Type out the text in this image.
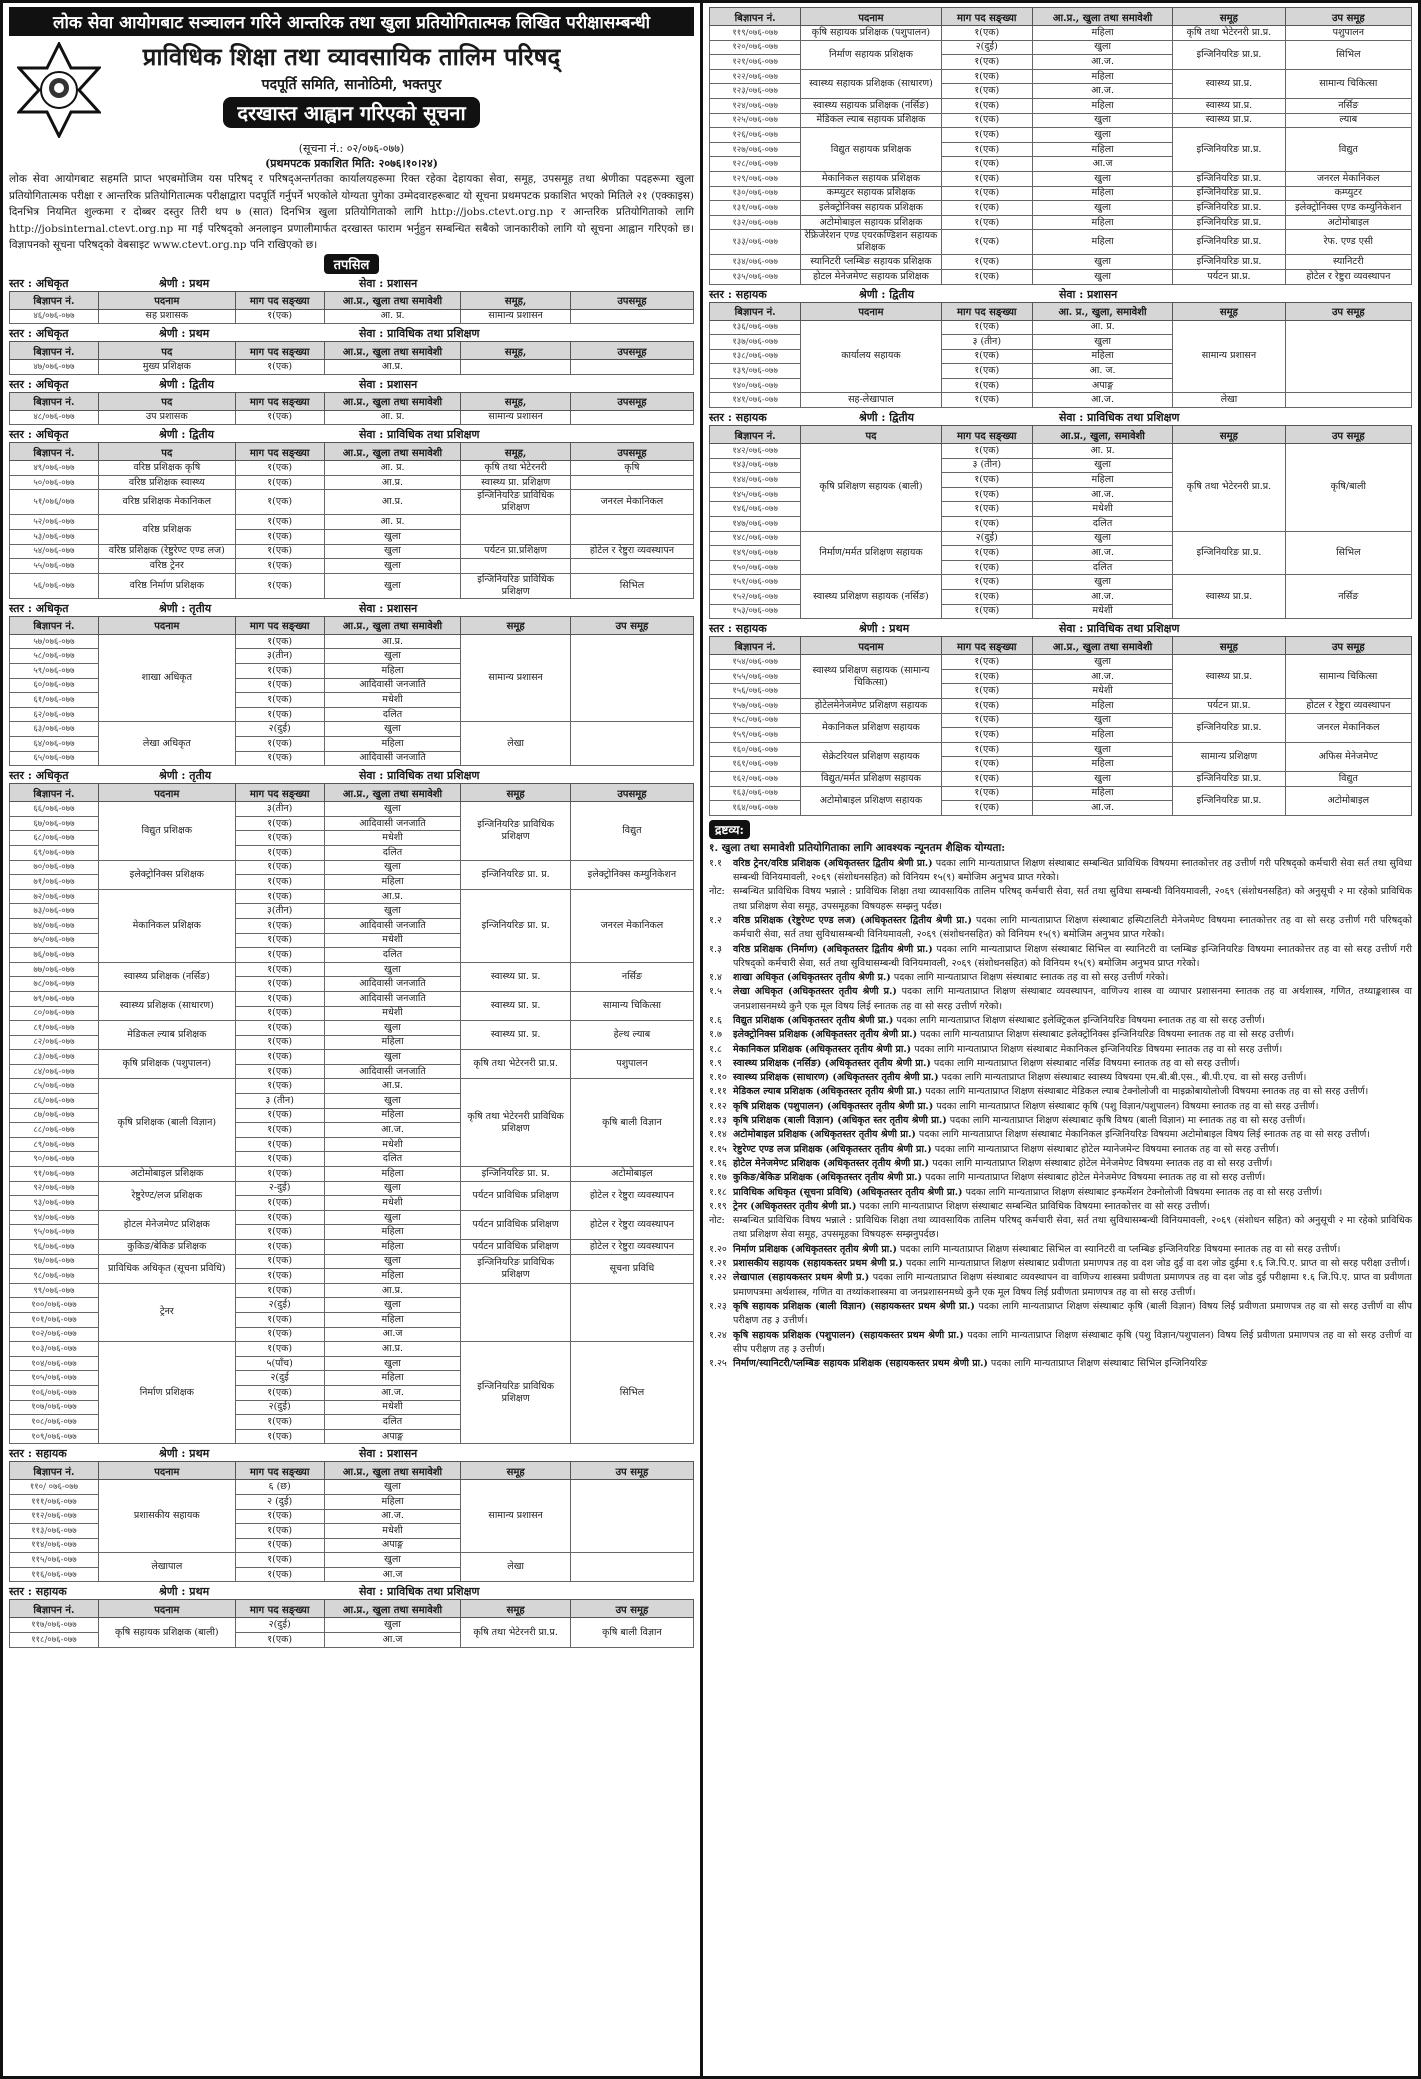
लोक सेवा आयोगबाट सञ्चालन गरिने आन्तरिक तथा खुला प्रतियोगितात्मक लिखित परीक्षासम्बन्धी
प्राविधिक शिक्षा तथा व्यावसायिक तालिम परिषद्
पदपूर्ति समिति, सानोठिमी, भक्तपुर
दरखास्त आह्वान गरिएको सूचना
(सूचना नं.: ०२/०७६-०७७)
(प्रथमपटक प्रकाशित मिति: २०७६।१०।२४)
लोक सेवा आयोगबाट सहमति प्राप्त भएबमोजिम यस परिषद् र परिषद्अन्तर्गतका कार्यालयहरूमा रिक्त रहेका देहायका सेवा, समूह, उपसमूह तथा श्रेणीका पदहरूमा खुला प्रतियोगितात्मक परीक्षा र आन्तरिक प्रतियोगितात्मक परीक्षाद्वारा पदपूर्ति गर्नुपर्ने भएकोले योग्यता पुगेका उम्मेदवारहरूबाट यो सूचना प्रथमपटक प्रकाशित भएको मितिले २१ (एक्काइस) दिनभित्र नियमित शुल्कमा र दोब्बर दस्तुर तिरी थप ७ (सात) दिनभित्र खुला प्रतियोगिताको लागि http://jobs.ctevt.org.np र आन्तरिक प्रतियोगिताको लागि http://jobsinternal.ctevt.org.np मा गई परिषद्को अनलाइन प्रणालीमार्फत दरखास्त फाराम भर्नुहुन सम्बन्धित सबैको जानकारीको लागि यो सूचना आह्वान गरिएको छ। विज्ञापनको सूचना परिषद्को वेबसाइट www.ctevt.org.np पनि राखिएको छ।
तपसिल
स्तर : अधिकृत	श्रेणी : प्रथम	सेवा : प्रशासन
बिज्ञापन नं.	पदनाम	माग पद सङ्ख्या	आ.प्र., खुला तथा समावेशी	समूह,	उपसमूह
४६/०७६-०७७	सह प्रशासक	१(एक)	आ. प्र.	सामान्य प्रशासन	
स्तर : अधिकृत	श्रेणी : प्रथम	सेवा : प्राविधिक तथा प्रशिक्षण
बिज्ञापन नं.	पद	माग पद सङ्ख्या	आ.प्र., खुला तथा समावेशी	समूह,	उपसमूह
४७/०७६-०७७	मुख्य प्रशिक्षक	१(एक)	आ.प्र.		
स्तर : अधिकृत	श्रेणी : द्वितीय	सेवा : प्रशासन
बिज्ञापन नं.	पद	माग पद सङ्ख्या	आ.प्र., खुला तथा समावेशी	समूह,	उपसमूह
४८/०७६-०७७	उप प्रशासक	१(एक)	आ. प्र.	सामान्य प्रशासन	
स्तर : अधिकृत	श्रेणी : द्वितीय	सेवा : प्राविधिक तथा प्रशिक्षण
बिज्ञापन नं.	पद	माग पद सङ्ख्या	आ.प्र., खुला तथा समावेशी	समूह,	उपसमूह
४९/०७६-०७७	वरिष्ठ प्रशिक्षक कृषि	१(एक)	आ. प्र.	कृषि तथा भेटेरनरी	कृषि
५०/०७६-०७७	वरिष्ठ प्रशिक्षक स्वास्थ्य	१(एक)	आ.प्र.	स्वास्थ्य प्रा. प्रशिक्षण	
५१/०७६/०७७	वरिष्ठ प्रशिक्षक मेकानिकल	१(एक)	आ.प्र.	इन्जिनियरिङ प्राविधिक प्रशिक्षण	जनरल मेकानिकल
५२/०७६-०७७	वरिष्ठ प्रशिक्षक	१(एक)	आ. प्र.		
५३/०७६-०७७		१(एक)	खुला		
५४/०७६-०७७	वरिष्ठ प्रशिक्षक (रेष्टुरेण्ट एण्ड लज)	१(एक)	खुला	पर्यटन प्रा.प्रशिक्षण	होटेल र रेष्टुरा व्यवस्थापन
५५/०७६-०७७	वरिष्ठ ट्रेनर	१(एक)	खुला		
५६/०७६-०७७	वरिष्ठ निर्माण प्रशिक्षक	१(एक)	खुला	इन्जिनियरिङ प्राविधिक प्रशिक्षण	सिभिल
स्तर : अधिकृत	श्रेणी : तृतीय	सेवा : प्रशासन
बिज्ञापन नं.	पदनाम	माग पद सङ्ख्या	आ.प्र., खुला तथा समावेशी	समूह	उप समूह
५७/०७६-०७७	शाखा अधिकृत	१(एक)	आ.प्र.	सामान्य प्रशासन	
५८/०७६-०७७		३(तीन)	खुला		
५९/०७६-०७७		१(एक)	महिला		
६०/०७६-०७७		१(एक)	आदिवासी जनजाति		
६१/०७६-०७७		१(एक)	मधेशी		
६२/०७६-०७७		१(एक)	दलित		
६३/०७६-०७७	लेखा अधिकृत	२(दुई)	खुला	लेखा	
६४/०७६-०७७		१(एक)	महिला		
६५/०७६-०७७		१(एक)	आदिवासी जनजाति		
स्तर : अधिकृत	श्रेणी : तृतीय	सेवा : प्राविधिक तथा प्रशिक्षण
बिज्ञापन नं.	पदनाम	माग पद सङ्ख्या	आ.प्र., खुला तथा समावेशी	समूह	उपसमूह
६६/०७६-०७७	विद्युत प्रशिक्षक	३(तीन)	खुला	इन्जिनियरिङ प्राविधिक प्रशिक्षण	विद्युत
६७/०७६-०७७		१(एक)	आदिवासी जनजाति		
६८/०७६-०७७		१(एक)	मधेशी		
६९/०७६-०७७		१(एक)	दलित		
७०/०७६-०७७	इलेक्ट्रोनिक्स प्रशिक्षक	१(एक)	खुला	इन्जिनियरिङ प्रा. प्र.	इलेक्ट्रोनिक्स कम्युनिकेशन
७१/०७६-०७७		१(एक)	महिला		
७२/०७६-०७७	मेकानिकल प्रशिक्षक	१(एक)	आ.प्र.	इन्जिनियरिङ प्रा. प्र.	जनरल मेकानिकल
७३/०७६-०७७		३(तीन)	खुला		
७४/०७६-०७७		१(एक)	आदिवासी जनजाति		
७५/०७६-०७७		१(एक)	मधेशी		
७६/०७६-०७७		१(एक)	दलित		
७७/०७६-०७७	स्वास्थ्य प्रशिक्षक (नर्सिङ)	१(एक)	खुला	स्वास्थ्य प्रा. प्र.	नर्सिङ
७८/०७६-०७७		१(एक)	आदिवासी जनजाति		
७९/०७६-०७७	स्वास्थ्य प्रशिक्षक (साधारण)	१(एक)	आदिवासी जनजाति	स्वास्थ्य प्रा. प्र.	सामान्य चिकित्सा
८०/०७६-०७७		१(एक)	मधेशी		
८१/०७६-०७७	मेडिकल ल्याब प्रशिक्षक	१(एक)	खुला	स्वास्थ्य प्रा. प्र.	हेल्थ ल्याब
८२/०७६-०७७		१(एक)	महिला		
८३/०७६-०७७	कृषि प्रशिक्षक (पशुपालन)	१(एक)	खुला	कृषि तथा भेटेरनरी प्रा.प्र.	पशुपालन
८४/०७६-०७७		१(एक)	आदिवासी जनजाति		
८५/०७६-०७७	कृषि प्रशिक्षक (बाली विज्ञान)	१(एक)	आ.प्र.	कृषि तथा भेटेरनरी प्राविधिक प्रशिक्षण	कृषि बाली विज्ञान
८६/०७६-०७७		३ (तीन)	खुला		
८७/०७६-०७७		१(एक)	महिला		
८८/०७६-०७७		१(एक)	आ.ज.		
८९/०७६-०७७		१(एक)	मधेशी		
९०/०७६-०७७		१(एक)	दलित		
९१/०७६-०७७	अटोमोबाइल प्रशिक्षक	१(एक)	महिला	इन्जिनियरिङ प्रा. प्र.	अटोमोबाइल
९२/०७६-०७७	रेष्टुरेण्ट/लज प्रशिक्षक	२-दुई)	खुला	पर्यटन प्राविधिक प्रशिक्षण	होटेल र रेष्टुरा व्यवस्थापन
९३/०७६-०७७		१(एक)	मधेशी		
९४/०७६-०७७	होटल मेनेजमेण्ट प्रशिक्षक	१(एक)	खुला	पर्यटन प्राविधिक प्रशिक्षण	होटेल र रेष्टुरा व्यवस्थापन
९५/०७६-०७७		१(एक)	महिला		
९६/०७६-०७७	कुकिङ/बेकिङ प्रशिक्षक	१(एक)	महिला	पर्यटन प्राविधिक प्रशिक्षण	होटेल र रेष्टुरा व्यवस्थापन
९७/०७६-०७७	प्राविधिक अधिकृत (सूचना प्रविधि)	१(एक)	खुला	इन्जिनियरिङ प्राविधिक प्रशिक्षण	सूचना प्रविधि
९८/०७६-०७७		१(एक)	महिला		
९९/०७६-०७७	ट्रेनर	१(एक)	आ.प्र.		
१००/०७६-०७७		२(दुई)	खुला		
१०१/०७६-०७७		१(एक)	महिला		
१०२/०७६-०७७		१(एक)	आ.ज		
१०३/०७६-०७७	निर्माण प्रशिक्षक	१(एक)	आ.प्र.	इन्जिनियरिङ प्राविधिक प्रशिक्षण	सिभिल
१०४/०७६-०७७		५(पाँच)	खुला		
१०५/०७६-०७७		२(दुई	महिला		
१०६/०७६-०७७		१(एक)	आ.ज.		
१०७/०७६-०७७		२(दुई)	मधेशी		
१०८/०७६-०७७		१(एक)	दलित		
१०९/०७६-०७७		१(एक)	अपाङ्ग		
स्तर : सहायक	श्रेणी : प्रथम	सेवा : प्रशासन
बिज्ञापन नं.	पदनाम	माग पद सङ्ख्या	आ.प्र., खुला तथा समावेशी	समूह	उप समूह
११०/ ०७६-०७७	प्रशासकीय सहायक	६ (छ)	खुला	सामान्य प्रशासन	
१११/०७६-०७७		२ (दुई)	महिला		
११२/०७६-०७७		१(एक)	आ.ज.		
११३/०७६-०७७		१(एक)	मधेशी		
११४/०७६-०७७		१(एक)	अपाङ्ग		
११५/०७६-०७७	लेखापाल	१(एक)	खुला	लेखा	
११६/०७६-०७७		१(एक)	आ.ज		
स्तर : सहायक	श्रेणी : प्रथम	सेवा : प्राविधिक तथा प्रशिक्षण
बिज्ञापन नं.	पदनाम	माग पद सङ्ख्या	आ.प्र., खुला तथा समावेशी	समूह	उप समूह
११७/०७६-०७७	कृषि सहायक प्रशिक्षक (बाली)	२(दुई)	खुला	कृषि तथा भेटेरनरी प्रा.प्र.	कृषि बाली विज्ञान
११८/०७६-०७७		१(एक)	आ.ज		
बिज्ञापन नं.	पदनाम	माग पद सङ्ख्या	आ.प्र., खुला तथा समावेशी	समूह	उप समूह
११९/०७६-०७७	कृषि सहायक प्रशिक्षक (पशुपालन)	१(एक)	महिला	कृषि तथा भेटेरनरी प्रा.प्र.	पशुपालन
१२०/०७६-०७७	निर्माण सहायक प्रशिक्षक	२(दुई)	खुला	इन्जिनियरिङ प्रा.प्र.	सिभिल
१२१/०७६-०७७		१(एक)	आ.ज.		
१२२/०७६-०७७	स्वास्थ्य सहायक प्रशिक्षक (साधारण)	१(एक)	महिला	स्वास्थ्य प्रा.प्र.	सामान्य चिकित्सा
१२३/०७६-०७७		१(एक)	आ.ज.		
१२४/०७६-०७७	स्वास्थ्य सहायक प्रशिक्षक (नर्सिङ)	१(एक)	महिला	स्वास्थ्य प्रा.प्र.	नर्सिङ
१२५/०७६-०७७	मेडिकल ल्याब सहायक प्रशिक्षक	१(एक)	खुला	स्वास्थ्य प्रा.प्र.	ल्याब
१२६/०७६-०७७	विद्युत सहायक प्रशिक्षक	१(एक)	खुला	इन्जिनियरिङ प्रा.प्र.	विद्युत
१२७/०७६-०७७		१(एक)	महिला		
१२८/०७६-०७७		१(एक)	आ.ज		
१२९/०७६-०७७	मेकानिकल सहायक प्रशिक्षक	१(एक)	खुला	इन्जिनियरिङ प्रा.प्र.	जनरल मेकानिकल
१३०/०७६-०७७	कम्प्युटर सहायक प्रशिक्षक	१(एक)	महिला	इन्जिनियरिङ प्रा.प्र.	कम्प्युटर
१३१/०७६-०७७	इलेक्ट्रोनिक्स सहायक प्रशिक्षक	१(एक)	खुला	इन्जिनियरिङ प्रा.प्र.	इलेक्ट्रोनिक्स एण्ड कम्युनिकेशन
१३२/०७६-०७७	अटोमोबाइल सहायक प्रशिक्षक	१(एक)	महिला	इन्जिनियरिङ प्रा.प्र.	अटोमोबाइल
१३३/०७६-०७७	रेफ्रिजेरेशन एण्ड एयरकण्डिशन सहायक प्रशिक्षक	१(एक)	महिला	इन्जिनियरिङ प्रा.प्र.	रेफ. एण्ड एसी
१३४/०७६-०७७	स्यानिटरी प्लम्बिङ सहायक प्रशिक्षक	१(एक)	खुला	इन्जिनियरिङ प्रा.प्र.	स्यानिटरी
१३५/०७६-०७७	होटल मेनेजमेण्ट सहायक प्रशिक्षक	१(एक)	खुला	पर्यटन प्रा.प्र.	होटेल र रेष्टुरा व्यवस्थापन
स्तर : सहायक	श्रेणी : द्वितीय	सेवा : प्रशासन
बिज्ञापन नं.	पदनाम	माग पद सङ्ख्या	आ. प्र., खुला, समावेशी	समूह	उप समूह
१३६/०७६-०७७	कार्यालय सहायक	१(एक)	आ. प्र.	सामान्य प्रशासन	
१३७/०७६-०७७		३ (तीन)	खुला		
१३८/०७६-०७७		१(एक)	महिला		
१३९/०७६-०७७		१(एक)	आ. ज.		
१४०/०७६-०७७		१(एक)	अपाङ्ग		
१४१/०७६-०७७	सह-लेखापाल	१(एक)	आ.ज.	लेखा	
स्तर : सहायक	श्रेणी : द्वितीय	सेवा : प्राविधिक तथा प्रशिक्षण
बिज्ञापन नं.	पद	माग पद सङ्ख्या	आ.प्र., खुला, समावेशी	समूह	उप समूह
१४२/०७६-०७७	कृषि प्रशिक्षण सहायक (बाली)	१(एक)	आ. प्र.	कृषि तथा भेटेरनरी प्रा.प्र.	कृषि/बाली
१४३/०७६-०७७		३ (तीन)	खुला		
१४४/०७६-०७७		१(एक)	महिला		
१४५/०७६-०७७		१(एक)	आ.ज.		
१४६/०७६-०७७		१(एक)	मधेशी		
१४७/०७६-०७७		१(एक)	दलित		
१४८/०७६-०७७	निर्माण/मर्मत प्रशिक्षण सहायक	२(दुई)	खुला	इन्जिनियरिङ प्रा.प्र.	सिभिल
१४९/०७६-०७७		१(एक)	आ.ज.		
१५०/०७६-०७७		१(एक)	दलित		
१५१/०७६-०७७	स्वास्थ्य प्रशिक्षण सहायक (नर्सिङ)	१(एक)	खुला	स्वास्थ्य प्रा.प्र.	नर्सिङ
१५२/०७६-०७७		१(एक)	आ.ज.		
१५३/०७६-०७७		१(एक)	मधेशी		
स्तर : सहायक	श्रेणी : प्रथम	सेवा : प्राविधिक तथा प्रशिक्षण
बिज्ञापन नं.	पदनाम	माग पद सङ्ख्या	आ.प्र., खुला तथा समावेशी	समूह	उप समूह
१५४/०७६-०७७	स्वास्थ्य प्रशिक्षण सहायक (सामान्य चिकित्सा)	१(एक)	खुला	स्वास्थ्य प्रा.प्र.	सामान्य चिकित्सा
१५५/०७६-०७७		१(एक)	आ.ज.		
१५६/०७६-०७७		१(एक)	मधेशी		
१५७/०७६-०७७	होटेलमेनेजमेण्ट प्रशिक्षण सहायक	१(एक)	महिला	पर्यटन प्रा.प्र.	होटल र रेष्टुरा व्यवस्थापन
१५८/०७६-०७७	मेकानिकल प्रशिक्षण सहायक	१(एक)	खुला	इन्जिनियरिङ प्रा.प्र.	जनरल मेकानिकल
१५९/०७६-०७७		१(एक)	महिला		
१६०/०७६-०७७	सेक्रेटरियल प्रशिक्षण सहायक	१(एक)	खुला	सामान्य प्रशिक्षण	अफिस मेनेजमेण्ट
१६१/०७६-०७७		१(एक)	महिला		
१६२/०७६-०७७	विद्युत/मर्मत प्रशिक्षण सहायक	१(एक)	खुला	इन्जिनियरिङ प्रा.प्र.	विद्युत
१६३/०७६-०७७	अटोमोबाइल प्रशिक्षण सहायक	१(एक)	महिला	इन्जिनियरिङ प्रा.प्र.	अटोमोबाइल
१६४/०७६-०७७		१(एक)	आ.ज.		
द्रष्टव्य:
१. खुला तथा समावेशी प्रतियोगिताका लागि आवश्यक न्यूनतम शैक्षिक योग्यता:
१.१	वरिष्ठ ट्रेनर/वरिष्ठ प्रशिक्षक (अधिकृतस्तर द्वितीय श्रेणी प्रा.) पदका लागि मान्यताप्राप्त शिक्षण संस्थाबाट सम्बन्धित प्राविधिक विषयमा स्नातकोत्तर तह उत्तीर्ण गरी परिषद्को कर्मचारी सेवा सर्त तथा सुविधा सम्बन्धी विनियमावली, २०६९ (संशोधनसहित) को विनियम १५(९) बमोजिम अनुभव प्राप्त गरेको।
नोट: सम्बन्धित प्राविधिक विषय भन्नाले : प्राविधिक शिक्षा तथा व्यावसायिक तालिम परिषद् कर्मचारी सेवा, सर्त तथा सुविधा सम्बन्धी विनियमावली, २०६९ (संशोधनसहित) को अनुसूची २ मा रहेको प्राविधिक तथा प्रशिक्षण सेवा समूह, उपसमूहका विषयहरू सम्झनु पर्दछ।
१.२	वरिष्ठ प्रशिक्षक (रेष्टुरेण्ट एण्ड लज) (अधिकृतस्तर द्वितीय श्रेणी प्रा.) पदका लागि मान्यताप्राप्त शिक्षण संस्थाबाट हस्पिटालिटी मेनेजमेण्ट विषयमा स्नातकोत्तर तह वा सो सरह उत्तीर्ण गरी परिषद्को कर्मचारी सेवा, सर्त तथा सुविधासम्बन्धी विनियमावली, २०६९ (संशोधनसहित) को विनियम १५(९) बमोजिम अनुभव प्राप्त गरेको।
१.३	वरिष्ठ प्रशिक्षक (निर्माण) (अधिकृतस्तर द्वितीय श्रेणी प्रा.) पदका लागि मान्यताप्राप्त शिक्षण संस्थाबाट सिभिल वा स्यानिटरी वा प्लम्बिङ इन्जिनियरिङ विषयमा स्नातकोत्तर तह वा सो सरह उत्तीर्ण गरी परिषद्को कर्मचारी सेवा, सर्त तथा सुविधासम्बन्धी विनियमावली, २०६९ (संशोधनसहित) को विनियम १५(९) बमोजिम अनुभव प्राप्त गरेको।
१.४	शाखा अधिकृत (अधिकृतस्तर तृतीय श्रेणी प्र.) पदका लागि मान्यताप्राप्त शिक्षण संस्थाबाट स्नातक तह वा सो सरह उत्तीर्ण गरेको।
१.५	लेखा अधिकृत (अधिकृतस्तर तृतीय श्रेणी प्र.) पदका लागि मान्यताप्राप्त शिक्षण संस्थाबाट व्यवस्थापन, वाणिज्य शास्त्र वा व्यापार प्रशासनमा स्नातक तह वा अर्थशास्त्र, गणित, तथ्याङ्कशास्त्र वा जनप्रशासनमध्ये कुनै एक मूल विषय लिई स्नातक तह वा सो सरह उत्तीर्ण गरेको।
१.६	विद्युत प्रशिक्षक (अधिकृतस्तर तृतीय श्रेणी प्रा.) पदका लागि मान्यताप्राप्त शिक्षण संस्थाबाट इलेक्ट्रिकल इन्जिनियरिङ विषयमा स्नातक तह वा सो सरह उत्तीर्ण।
१.७	इलेक्ट्रोनिक्स प्रशिक्षक (अधिकृतस्तर तृतीय श्रेणी प्रा.) पदका लागि मान्यताप्राप्त शिक्षण संस्थाबाट इलेक्ट्रोनिक्स इन्जिनियरिङ विषयमा स्नातक तह वा सो सरह उत्तीर्ण।
१.८	मेकानिकल प्रशिक्षक (अधिकृतस्तर तृतीय श्रेणी प्रा.) पदका लागि मान्यताप्राप्त शिक्षण संस्थाबाट मेकानिकल इन्जिनियरिङ विषयमा स्नातक तह वा सो सरह उत्तीर्ण।
१.९	स्वास्थ्य प्रशिक्षक (नर्सिङ) (अधिकृतस्तर तृतीय श्रेणी प्रा.) पदका लागि मान्यताप्राप्त शिक्षण संस्थाबाट नर्सिङ विषयमा स्नातक तह वा सो सरह उत्तीर्ण।
१.१० स्वास्थ्य प्रशिक्षक (साधारण) (अधिकृतस्तर तृतीय श्रेणी प्रा.) पदका लागि मान्यताप्राप्त शिक्षण संस्थाबाट स्वास्थ्य विषयमा एम.बी.बी.एस., बी.पी.एच. वा सो सरह उत्तीर्ण।
१.११ मेडिकल ल्याब प्रशिक्षक (अधिकृतस्तर तृतीय श्रेणी प्रा.) पदका लागि मान्यताप्राप्त शिक्षण संस्थाबाट मेडिकल ल्याब टेक्नोलोजी वा माइक्रोबायोलोजी विषयमा स्नातक तह वा सो सरह उत्तीर्ण।
१.१२ कृषि प्रशिक्षक (पशुपालन) (अधिकृतस्तर तृतीय श्रेणी प्रा.) पदका लागि मान्यताप्राप्त शिक्षण संस्थाबाट कृषि (पशु विज्ञान/पशुपालन) विषयमा स्नातक तह वा सो सरह उत्तीर्ण।
१.१३ कृषि प्रशिक्षक (बाली विज्ञान) (अधिकृत स्तर तृतीय श्रेणी प्रा.) पदका लागि मान्यताप्राप्त शिक्षण संस्थाबाट कृषि विषय (बाली विज्ञान) मा स्नातक तह वा सो सरह उत्तीर्ण।
१.१४ अटोमोबाइल प्रशिक्षक (अधिकृतस्तर तृतीय श्रेणी प्रा.) पदका लागि मान्यताप्राप्त शिक्षण संस्थाबाट मेकानिकल इन्जिनियरिङ विषयमा अटोमोबाइल विषय लिई स्नातक तह वा सो सरह उत्तीर्ण।
१.१५ रेष्टुरेण्ट एण्ड लज प्रशिक्षक (अधिकृतस्तर तृतीय श्रेणी प्रा.) पदका लागि मान्यताप्राप्त शिक्षण संस्थाबाट होटेल म्यानेजमेन्ट विषयमा स्नातक तह वा सो सरह उत्तीर्ण।
१.१६ होटेल मेनेजमेण्ट प्रशिक्षक (अधिकृतस्तर तृतीय श्रेणी प्रा.) पदका लागि मान्यताप्राप्त शिक्षण संस्थाबाट होटेल मेनेजमेण्ट विषयमा स्नातक तह वा सो सरह उत्तीर्ण।
१.१७ कुकिङ/बेकिङ प्रशिक्षक (अधिकृतस्तर तृतीय श्रेणी प्रा.) पदका लागि मान्यताप्राप्त शिक्षण संस्थाबाट होटेल मेनेजमेण्ट विषयमा स्नातक तह वा सो सरह उत्तीर्ण।
१.१८ प्राविधिक अधिकृत (सूचना प्रविधि) (अधिकृतस्तर तृतीय श्रेणी प्रा.) पदका लागि मान्यताप्राप्त शिक्षण संस्थाबाट इन्फर्मेशन टेक्नोलोजी विषयमा स्नातक तह वा सो सरह उत्तीर्ण।
१.१९ ट्रेनर (अधिकृतस्तर तृतीय श्रेणी प्रा.) पदका लागि मान्यताप्राप्त शिक्षण संस्थाबाट सम्बन्धित प्राविधिक विषयमा स्नातकोत्तर वा सो सरह उत्तीर्ण।
नोट: सम्बन्धित प्राविधिक विषय भन्नाले : प्राविधिक शिक्षा तथा व्यावसायिक तालिम परिषद् कर्मचारी सेवा, सर्त तथा सुविधासम्बन्धी विनियमावली, २०६९ (संशोधन सहित) को अनुसूची २ मा रहेको प्राविधिक तथा प्रशिक्षण सेवा समूह, उपसमूहका विषयहरू सम्झनुपर्दछ।
१.२० निर्माण प्रशिक्षक (अधिकृतस्तर तृतीय श्रेणी प्रा.) पदका लागि मान्यताप्राप्त शिक्षण संस्थाबाट सिभिल वा स्यानिटरी वा प्लम्बिङ इन्जिनियरिङ विषयमा स्नातक तह वा सो सरह उत्तीर्ण।
१.२१ प्रशासकीय सहायक (सहायकस्तर प्रथम श्रेणी प्र.) पदका लागि मान्यताप्राप्त शिक्षण संस्थाबाट प्रवीणता प्रमाणपत्र तह वा दश जोड दुई वा दश जोड दुईमा १.६ जि.पि.ए. प्राप्त वा सो सरह परीक्षा उत्तीर्ण।
१.२२ लेखापाल (सहायकस्तर प्रथम श्रेणी प्र.) पदका लागि मान्यताप्राप्त शिक्षण संस्थाबाट व्यवस्थापन वा वाणिज्य शास्त्रमा प्रवीणता प्रमाणपत्र तह वा दश जोड दुई परीक्षामा १.६ जि.पि.ए. प्राप्त वा प्रवीणता प्रमाणपत्रमा अर्थशास्त्र, गणित वा तथ्यांकशास्त्रमा वा जनप्रशासनमध्ये कुनै एक मूल विषय लिई प्रवीणता प्रमाणपत्र तह वा सो सरह उत्तीर्ण।
१.२३ कृषि सहायक प्रशिक्षक (बाली विज्ञान) (सहायकस्तर प्रथम श्रेणी प्रा.) पदका लागि मान्यताप्राप्त शिक्षण संस्थाबाट कृषि (बाली विज्ञान) विषय लिई प्रवीणता प्रमाणपत्र तह वा सो सरह उत्तीर्ण वा सीप परीक्षण तह ३ उत्तीर्ण।
१.२४ कृषि सहायक प्रशिक्षक (पशुपालन) (सहायकस्तर प्रथम श्रेणी प्रा.) पदका लागि मान्यताप्राप्त शिक्षण संस्थाबाट कृषि (पशु विज्ञान/पशुपालन) विषय लिई प्रवीणता प्रमाणपत्र तह वा सो सरह उत्तीर्ण वा सीप परीक्षण तह ३ उत्तीर्ण।
१.२५ निर्माण/स्यानिटरी/प्लम्बिङ सहायक प्रशिक्षक (सहायकस्तर प्रथम श्रेणी प्रा.) पदका लागि मान्यताप्राप्त शिक्षण संस्थाबाट सिभिल इन्जिनियरिङ
